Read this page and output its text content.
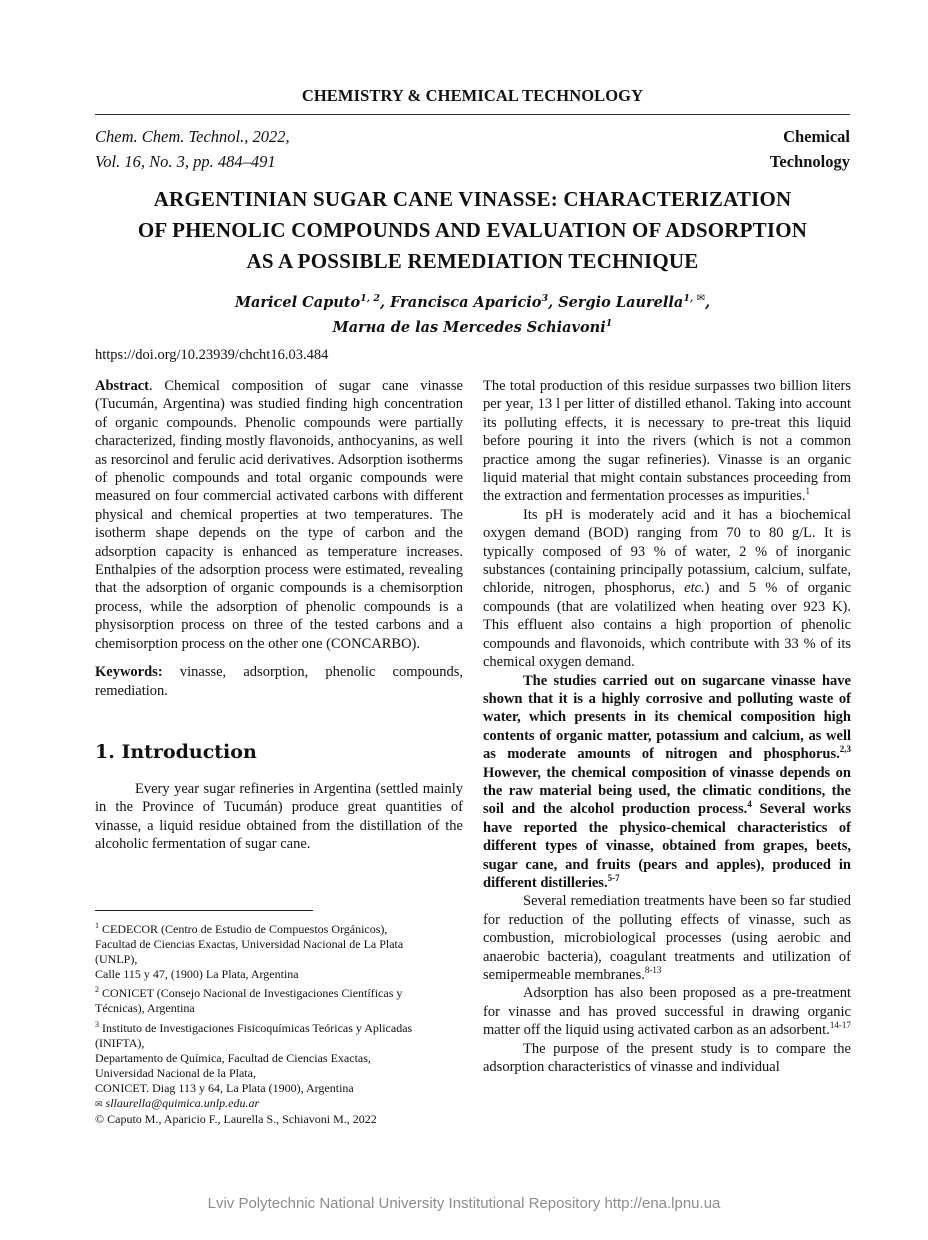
CHEMISTRY & CHEMICAL TECHNOLOGY
Chem. Chem. Technol., 2022,
Vol. 16, No. 3, pp. 484–491
Chemical
Technology
ARGENTINIAN SUGAR CANE VINASSE: CHARACTERIZATION
OF PHENOLIC COMPOUNDS AND EVALUATION OF ADSORPTION
AS A POSSIBLE REMEDIATION TECHNIQUE
Maricel Caputo$^{1, 2}$, Francisca Aparicio$^3$, Sergio Laurella$^{1, ✉}$,
Marнa de las Mercedes Schiavoni$^1$
https://doi.org/10.23939/chcht16.03.484

Abstract. Chemical composition of sugar cane vinasse (Tucumán, Argentina) was studied finding high concentration of organic compounds. Phenolic compounds were partially characterized, finding mostly flavonoids, anthocyanins, as well as resorcinol and ferulic acid derivatives. Adsorption isotherms of phenolic compounds and total organic compounds were measured on four commercial activated carbons with different physical and chemical properties at two temperatures. The isotherm shape depends on the type of carbon and the adsorption capacity is enhanced as temperature increases. Enthalpies of the adsorption process were estimated, revealing that the adsorption of organic compounds is a chemisorption process, while the adsorption of phenolic compounds is a physisorption process on three of the tested carbons and a chemisorption process on the other one (CONCARBO).

Keywords: vinasse, adsorption, phenolic compounds, remediation.

1. Introduction

Every year sugar refineries in Argentina (settled mainly in the Province of Tucumán) produce great quantities of vinasse, a liquid residue obtained from the distillation of the alcoholic fermentation of sugar cane.

$^1$ CEDECOR (Centro de Estudio de Compuestos Orgánicos),
Facultad de Ciencias Exactas, Universidad Nacional de La Plata (UNLP),
Calle 115 y 47, (1900) La Plata, Argentina
$^2$ CONICET (Consejo Nacional de Investigaciones Científicas y Técnicas), Argentina
$^3$ Instituto de Investigaciones Fisicoquímicas Teóricas y Aplicadas (INIFTA),
Departamento de Química, Facultad de Ciencias Exactas,
Universidad Nacional de la Plata,
CONICET. Diag 113 y 64, La Plata (1900), Argentina
✉ sllaurella@quimica.unlp.edu.ar
© Caputo M., Aparicio F., Laurella S., Schiavoni M., 2022

The total production of this residue surpasses two billion liters per year, 13 l per litter of distilled ethanol. Taking into account its polluting effects, it is necessary to pre-treat this liquid before pouring it into the rivers (which is not a common practice among the sugar refineries). Vinasse is an organic liquid material that might contain substances proceeding from the extraction and fermentation processes as impurities.$^1$

Its pH is moderately acid and it has a biochemical oxygen demand (BOD) ranging from 70 to 80 g/L. It is typically composed of 93 % of water, 2 % of inorganic substances (containing principally potassium, calcium, sulfate, chloride, nitrogen, phosphorus, etc.) and 5 % of organic compounds (that are volatilized when heating over 923 K). This effluent also contains a high proportion of phenolic compounds and flavonoids, which contribute with 33 % of its chemical oxygen demand.

The studies carried out on sugarcane vinasse have shown that it is a highly corrosive and polluting waste of water, which presents in its chemical composition high contents of organic matter, potassium and calcium, as well as moderate amounts of nitrogen and phosphorus.$^{2,3}$ However, the chemical composition of vinasse depends on the raw material being used, the climatic conditions, the soil and the alcohol production process.$^4$ Several works have reported the physico-chemical characteristics of different types of vinasse, obtained from grapes, beets, sugar cane, and fruits (pears and apples), produced in different distilleries.$^{5-7}$

Several remediation treatments have been so far studied for reduction of the polluting effects of vinasse, such as combustion, microbiological processes (using aerobic and anaerobic bacteria), coagulant treatments and utilization of semipermeable membranes.$^{8-13}$

Adsorption has also been proposed as a pre-treatment for vinasse and has proved successful in drawing organic matter off the liquid using activated carbon as an adsorbent.$^{14-17}$

The purpose of the present study is to compare the adsorption characteristics of vinasse and individual

Lviv Polytechnic National University Institutional Repository http://ena.lpnu.ua
